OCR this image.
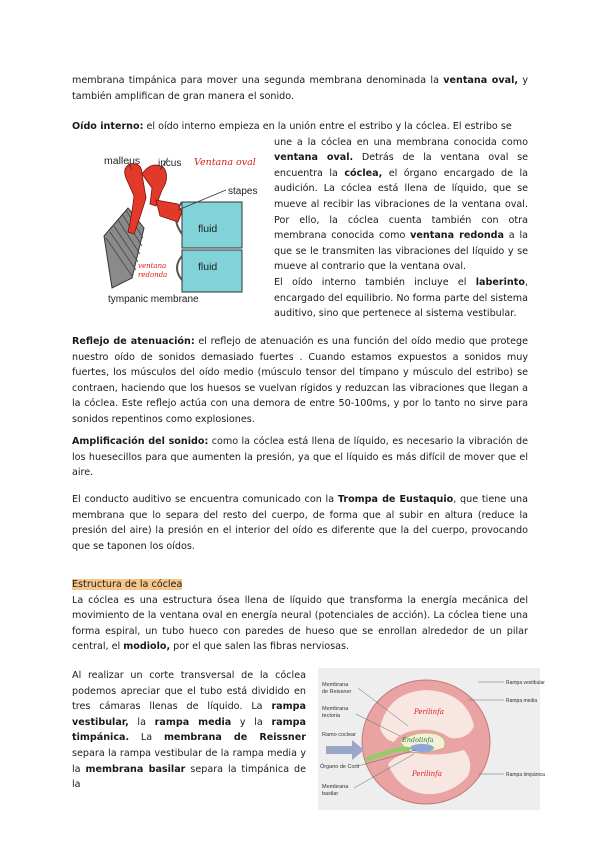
membrana timpánica para mover una segunda membrana denominada la ventana oval, y también amplifican de gran manera el sonido.

Oído interno: el oído interno empieza en la unión entre el estribo y la cóclea. El estribo se

une a la cóclea en una membrana conocida como ventana oval. Detrás de la ventana oval se encuentra la cóclea, el órgano encargado de la audición. La cóclea está llena de líquido, que se mueve al recibir las vibraciones de la ventana oval. Por ello, la cóclea cuenta también con otra membrana conocida como ventana redonda a la que se le transmiten las vibraciones del líquido y se mueve al contrario que la ventana oval.
El oído interno también incluye el laberinto, encargado del equilibrio. No forma parte del sistema auditivo, sino que pertenece al sistema vestibular.

malleus incus Ventana oval
stapes
fluid
fluid
ventana
redonda
tympanic membrane

Reflejo de atenuación: el reflejo de atenuación es una función del oído medio que protege nuestro oído de sonidos demasiado fuertes . Cuando estamos expuestos a sonidos muy fuertes, los músculos del oído medio (músculo tensor del tímpano y músculo del estribo) se contraen, haciendo que los huesos se vuelvan rígidos y reduzcan las vibraciones que llegan a la cóclea. Este reflejo actúa con una demora de entre 50-100ms, y por lo tanto no sirve para sonidos repentinos como explosiones.

Amplificación del sonido: como la cóclea está llena de líquido, es necesario la vibración de los huesecillos para que aumenten la presión, ya que el líquido es más difícil de mover que el aire.

El conducto auditivo se encuentra comunicado con la Trompa de Eustaquio, que tiene una membrana que lo separa del resto del cuerpo, de forma que al subir en altura (reduce la presión del aire) la presión en el interior del oído es diferente que la del cuerpo, provocando que se taponen los oídos.

Estructura de la cóclea

La cóclea es una estructura ósea llena de líquido que transforma la energía mecánica del movimiento de la ventana oval en energía neural (potenciales de acción). La cóclea tiene una forma espiral, un tubo hueco con paredes de hueso que se enrollan alrededor de un pilar central, el modiolo, por el que salen las fibras nerviosas.

Al realizar un corte transversal de la cóclea podemos apreciar que el tubo está dividido en tres cámaras llenas de líquido. La rampa vestibular, la rampa media y la rampa timpánica. La membrana de Reissner separa la rampa vestibular de la rampa media y la membrana basilar separa la timpánica de la

Perilinfa
Endolinfa
Perilinfa
Membrana
de Reissner
Membrana
tectoria
Ramo coclear
Órgano de Corti
Membrana
basilar
Rampa vestibular
Rampa media
Rampa timpánica
